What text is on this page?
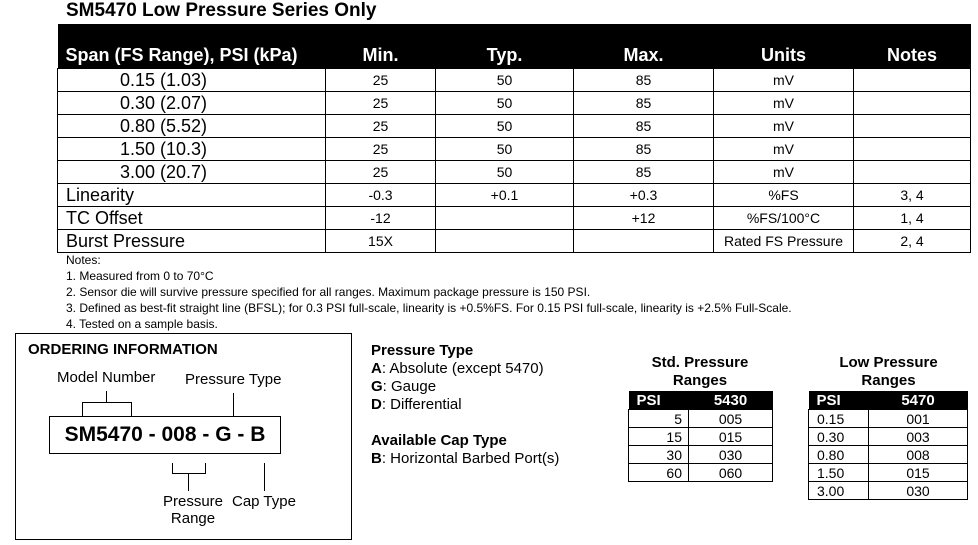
SM5470 Low Pressure Series Only
Span (FS Range), PSI (kPa)	Min.	Typ.	Max.	Units	Notes
0.15 (1.03)	25	50	85	mV	
0.30 (2.07)	25	50	85	mV	
0.80 (5.52)	25	50	85	mV	
1.50 (10.3)	25	50	85	mV	
3.00 (20.7)	25	50	85	mV	
Linearity	-0.3	+0.1	+0.3	%FS	3, 4
TC Offset	-12		+12	%FS/100°C	1, 4
Burst Pressure	15X			Rated FS Pressure	2, 4
Notes:
1. Measured from 0 to 70°C
2. Sensor die will survive pressure specified for all ranges. Maximum package pressure is 150 PSI.
3. Defined as best-fit straight line (BFSL); for 0.3 PSI full-scale, linearity is +0.5%FS. For 0.15 PSI full-scale, linearity is +2.5% Full-Scale.
4. Tested on a sample basis.
ORDERING INFORMATION
Model Number Pressure Type
SM5470 - 008 - G - B
Pressure
Range
Cap Type
Pressure Type
A: Absolute (except 5470)
G: Gauge
D: Differential
Available Cap Type
B: Horizontal Barbed Port(s)
Std. Pressure
Ranges
PSI	5430
5	005
15	015
30	030
60	060
Low Pressure
Ranges
PSI	5470
0.15	001
0.30	003
0.80	008
1.50	015
3.00	030
